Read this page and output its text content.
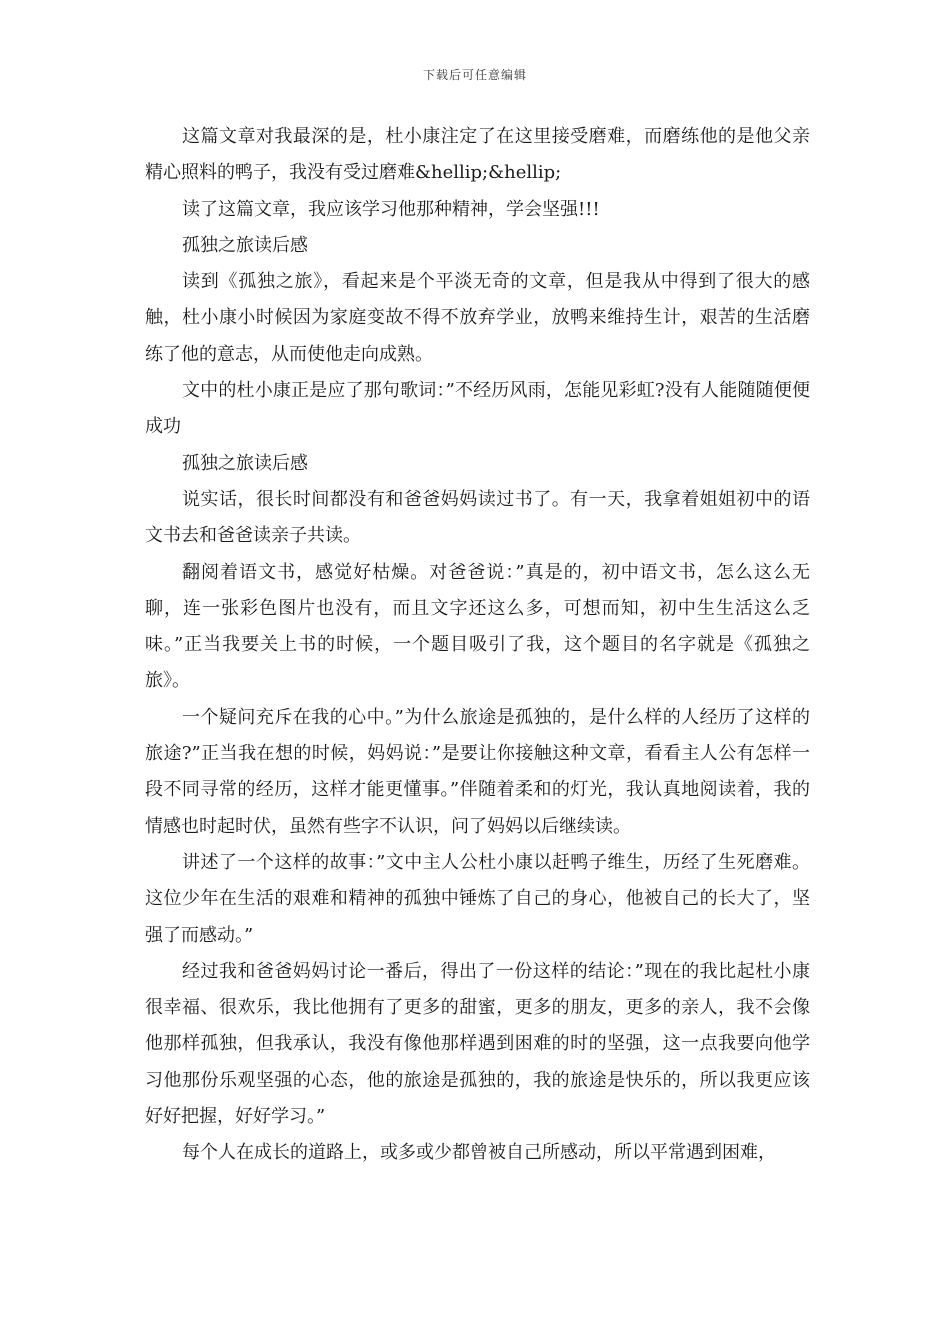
下载后可任意编辑

这篇文章对我最深的是，杜小康注定了在这里接受磨难，而磨练他的是他父亲精心照料的鸭子，我没有受过磨难&hellip;&hellip;

读了这篇文章，我应该学习他那种精神，学会坚强!!!

孤独之旅读后感

读到《孤独之旅》，看起来是个平淡无奇的文章，但是我从中得到了很大的感触，杜小康小时候因为家庭变故不得不放弃学业，放鸭来维持生计，艰苦的生活磨练了他的意志，从而使他走向成熟。

文中的杜小康正是应了那句歌词：”不经历风雨，怎能见彩虹?没有人能随随便便成功

孤独之旅读后感

说实话，很长时间都没有和爸爸妈妈读过书了。有一天，我拿着姐姐初中的语文书去和爸爸读亲子共读。

翻阅着语文书，感觉好枯燥。对爸爸说：”真是的，初中语文书，怎么这么无聊，连一张彩色图片也没有，而且文字还这么多，可想而知，初中生生活这么乏味。”正当我要关上书的时候，一个题目吸引了我，这个题目的名字就是《孤独之旅》。

一个疑问充斥在我的心中。”为什么旅途是孤独的，是什么样的人经历了这样的旅途?”正当我在想的时候，妈妈说：”是要让你接触这种文章，看看主人公有怎样一段不同寻常的经历，这样才能更懂事。”伴随着柔和的灯光，我认真地阅读着，我的情感也时起时伏，虽然有些字不认识，问了妈妈以后继续读。

讲述了一个这样的故事：”文中主人公杜小康以赶鸭子维生，历经了生死磨难。这位少年在生活的艰难和精神的孤独中锤炼了自己的身心，他被自己的长大了，坚强了而感动。”

经过我和爸爸妈妈讨论一番后，得出了一份这样的结论：”现在的我比起杜小康很幸福、很欢乐，我比他拥有了更多的甜蜜，更多的朋友，更多的亲人，我不会像他那样孤独，但我承认，我没有像他那样遇到困难的时的坚强，这一点我要向他学习他那份乐观坚强的心态，他的旅途是孤独的，我的旅途是快乐的，所以我更应该好好把握，好好学习。”

每个人在成长的道路上，或多或少都曾被自己所感动，所以平常遇到困难，
